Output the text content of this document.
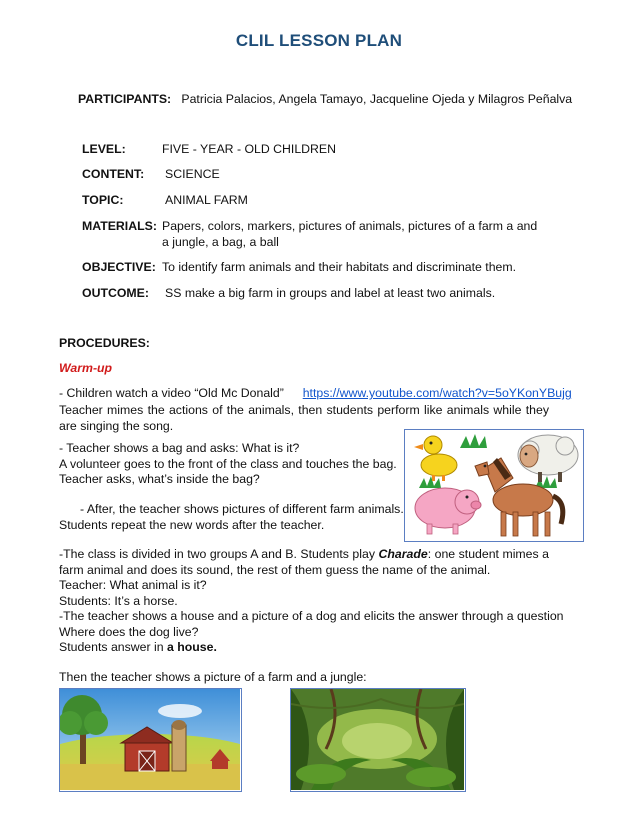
CLIL LESSON PLAN
PARTICIPANTS: Patricia Palacios, Angela Tamayo, Jacqueline Ojeda y Milagros Peñalva
LEVEL:	FIVE - YEAR - OLD CHILDREN
CONTENT: SCIENCE
TOPIC:	ANIMAL FARM
MATERIALS: Papers, colors, markers, pictures of animals, pictures of a farm a and
a jungle, a bag, a ball
OBJECTIVE: To identify farm animals and their habitats and discriminate them.
OUTCOME: SS make a big farm in groups and label at least two animals.
PROCEDURES:
Warm-up
- Children watch a video “Old Mc Donald” https://www.youtube.com/watch?v=5oYKonYBujg
Teacher mimes the actions of the animals, then students perform like animals while they are singing the song.
- Teacher shows a bag and asks: What is it?
A volunteer goes to the front of the class and touches the bag.
Teacher asks, what’s inside the bag?
- After, the teacher shows pictures of different farm animals.
Students repeat the new words after the teacher.
-The class is divided in two groups A and B. Students play Charade: one student mimes a farm animal and does its sound, the rest of them guess the name of the animal.
Teacher: What animal is it?
Students: It’s a horse.
-The teacher shows a house and a picture of a dog and elicits the answer through a question
Where does the dog live?
Students answer in a house.
Then the teacher shows a picture of a farm and a jungle:
